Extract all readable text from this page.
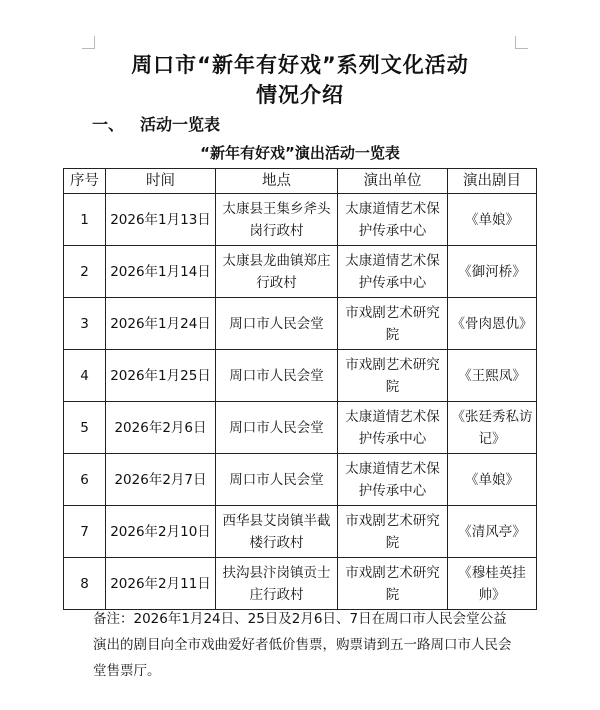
周口市“新年有好戏”系列文化活动
情况介绍
一、 活动一览表
“新年有好戏”演出活动一览表
序号	时间	地点	演出单位	演出剧目
1	2026年1月13日	太康县王集乡斧头岗行政村	太康道情艺术保护传承中心	《单娘》
2	2026年1月14日	太康县龙曲镇郑庄行政村	太康道情艺术保护传承中心	《御河桥》
3	2026年1月24日	周口市人民会堂	市戏剧艺术研究院	《骨肉恩仇》
4	2026年1月25日	周口市人民会堂	市戏剧艺术研究院	《王熙凤》
5	2026年2月6日	周口市人民会堂	太康道情艺术保护传承中心	《张廷秀私访记》
6	2026年2月7日	周口市人民会堂	太康道情艺术保护传承中心	《单娘》
7	2026年2月10日	西华县艾岗镇半截楼行政村	市戏剧艺术研究院	《清风亭》
8	2026年2月11日	扶沟县汴岗镇贡士庄行政村	市戏剧艺术研究院	《穆桂英挂帅》
备注：2026年1月24日、25日及2月6日、7日在周口市人民会堂公益演出的剧目向全市戏曲爱好者低价售票，购票请到五一路周口市人民会堂售票厅。
